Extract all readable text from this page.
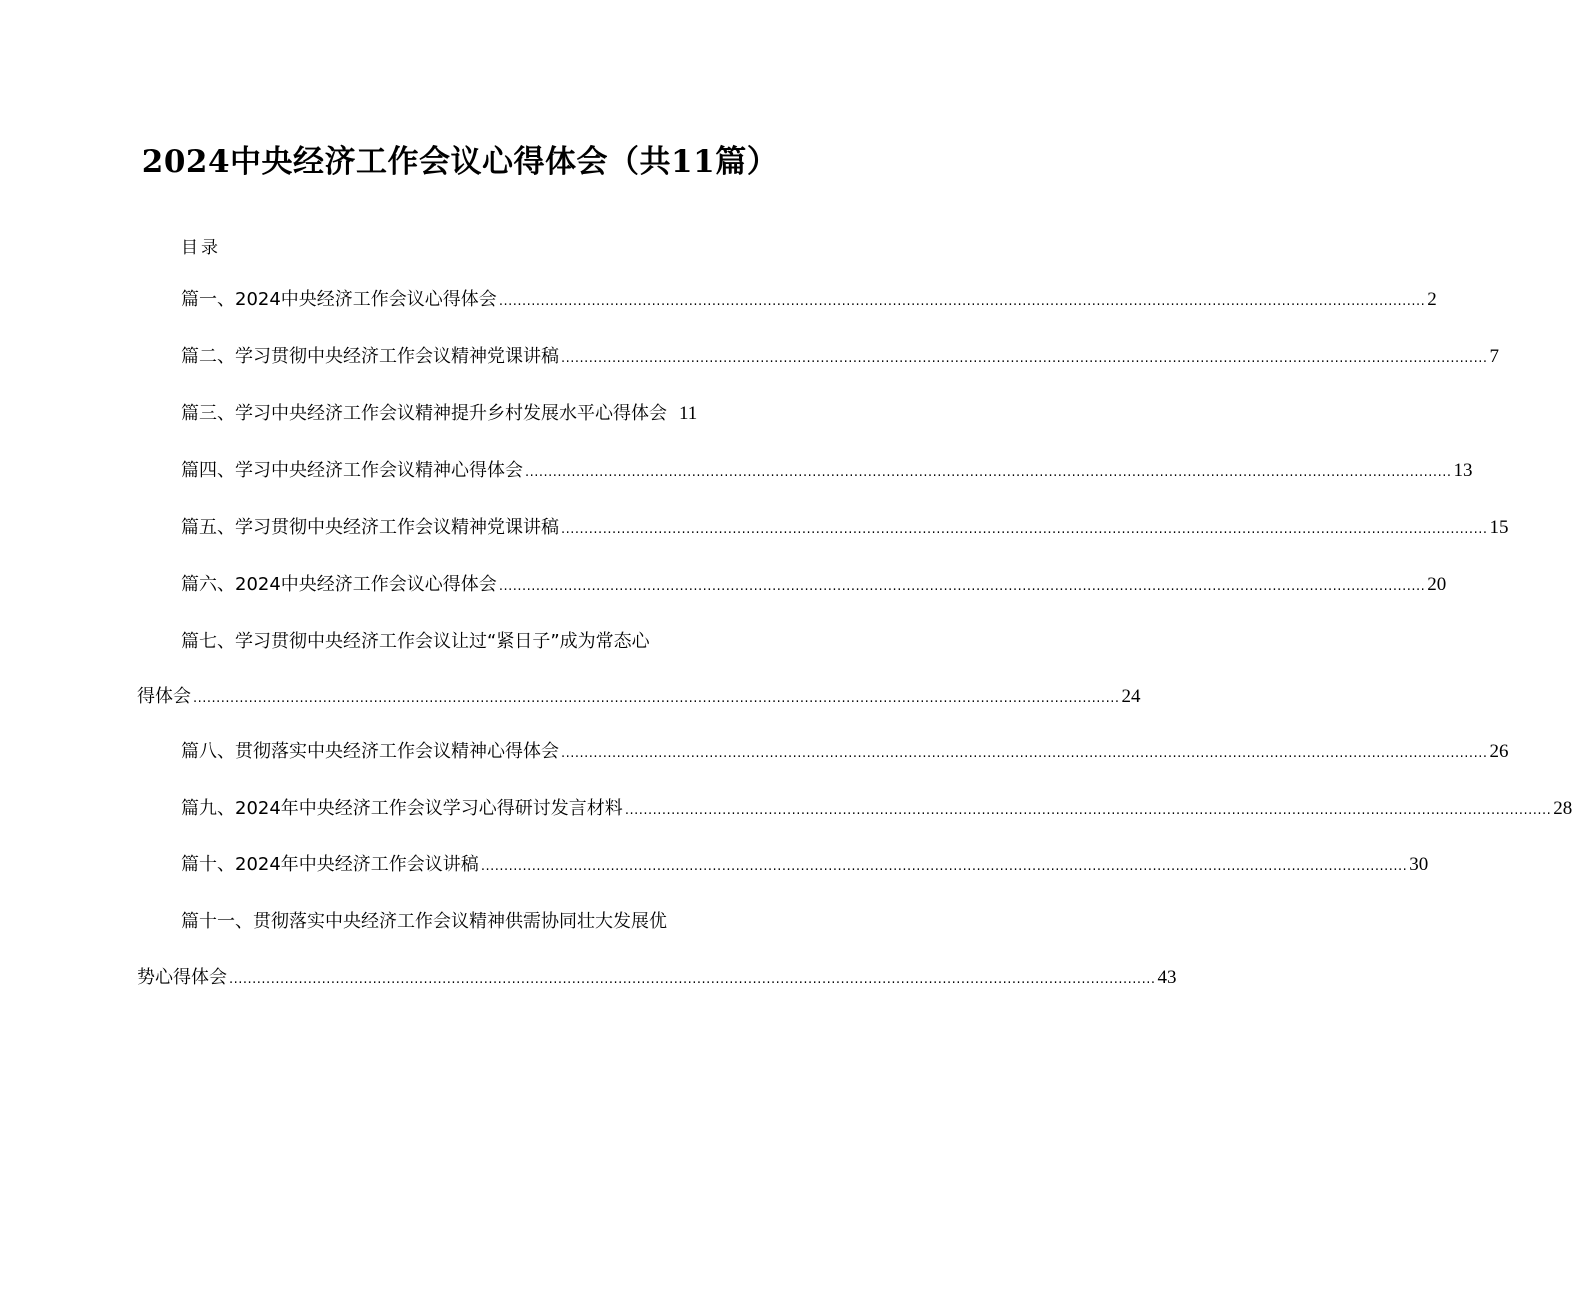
2024中央经济工作会议心得体会（共11篇）
目录
篇一、2024中央经济工作会议心得体会 ........................................................................................................................................................................................................ 2
篇二、学习贯彻中央经济工作会议精神党课讲稿 ........................................................................................................................................................................................................ 7
篇三、学习中央经济工作会议精神提升乡村发展水平心得体会 11
篇四、学习中央经济工作会议精神心得体会 ........................................................................................................................................................................................................ 13
篇五、学习贯彻中央经济工作会议精神党课讲稿 ........................................................................................................................................................................................................ 15
篇六、2024中央经济工作会议心得体会 ........................................................................................................................................................................................................ 20
篇七、学习贯彻中央经济工作会议让过“紧日子”成为常态心
得体会 ........................................................................................................................................................................................................ 24
篇八、贯彻落实中央经济工作会议精神心得体会 ........................................................................................................................................................................................................ 26
篇九、2024年中央经济工作会议学习心得研讨发言材料 ........................................................................................................................................................................................................ 28
篇十、2024年中央经济工作会议讲稿 ........................................................................................................................................................................................................ 30
篇十一、贯彻落实中央经济工作会议精神供需协同壮大发展优
势心得体会 ........................................................................................................................................................................................................ 43
